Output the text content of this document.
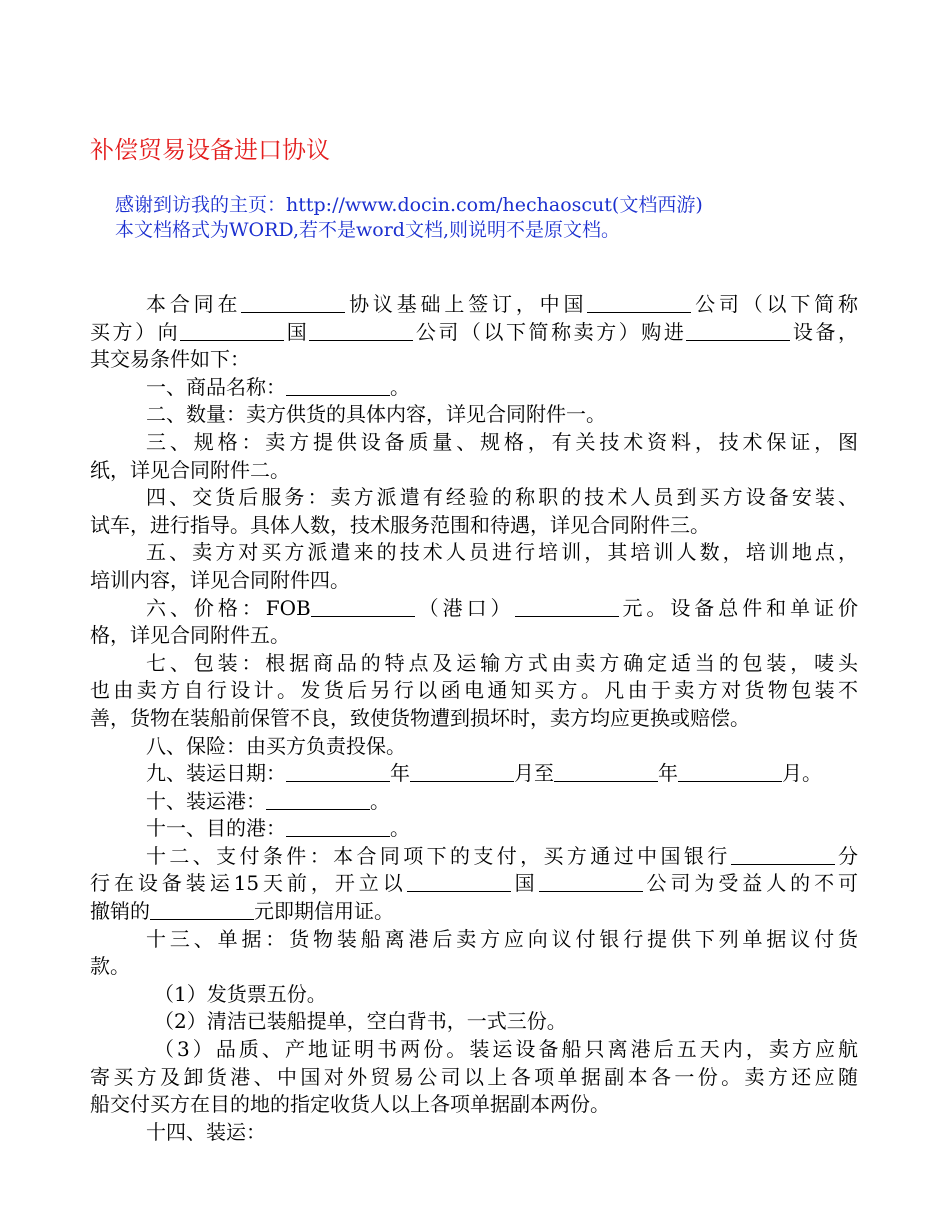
补偿贸易设备进口协议
感谢到访我的主页：http://www.docin.com/hechaoscut(文档西游)
本文档格式为WORD,若不是word文档,则说明不是原文档。

本合同在	协议基础上签订，中国	公司（以下简称

买方）向	国	公司（以下简称卖方）购进	设备，

其交易条件如下：

一、商品名称：	。

二、数量：卖方供货的具体内容，详见合同附件一。

三、规格：卖方提供设备质量、规格，有关技术资料，技术保证，图

纸，详见合同附件二。

四、交货后服务：卖方派遣有经验的称职的技术人员到买方设备安装、

试车，进行指导。具体人数，技术服务范围和待遇，详见合同附件三。

五、卖方对买方派遣来的技术人员进行培训，其培训人数，培训地点，

培训内容，详见合同附件四。

六、价格：FOB	（港口）	元。设备总件和单证价

格，详见合同附件五。

七、包装：根据商品的特点及运输方式由卖方确定适当的包装，唛头

也由卖方自行设计。发货后另行以函电通知买方。凡由于卖方对货物包装不

善，货物在装船前保管不良，致使货物遭到损坏时，卖方均应更换或赔偿。

八、保险：由买方负责投保。

九、装运日期：	年	月至	年	月。

十、装运港：	。

十一、目的港：	。

十二、支付条件：本合同项下的支付，买方通过中国银行	分

行在设备装运15天前，开立以	国	公司为受益人的不可

撤销的	元即期信用证。

十三、单据：货物装船离港后卖方应向议付银行提供下列单据议付货

款。

（1）发货票五份。

（2）清洁已装船提单，空白背书，一式三份。

（3）品质、产地证明书两份。装运设备船只离港后五天内，卖方应航

寄买方及卸货港、中国对外贸易公司以上各项单据副本各一份。卖方还应随

船交付买方在目的地的指定收货人以上各项单据副本两份。

十四、装运：
